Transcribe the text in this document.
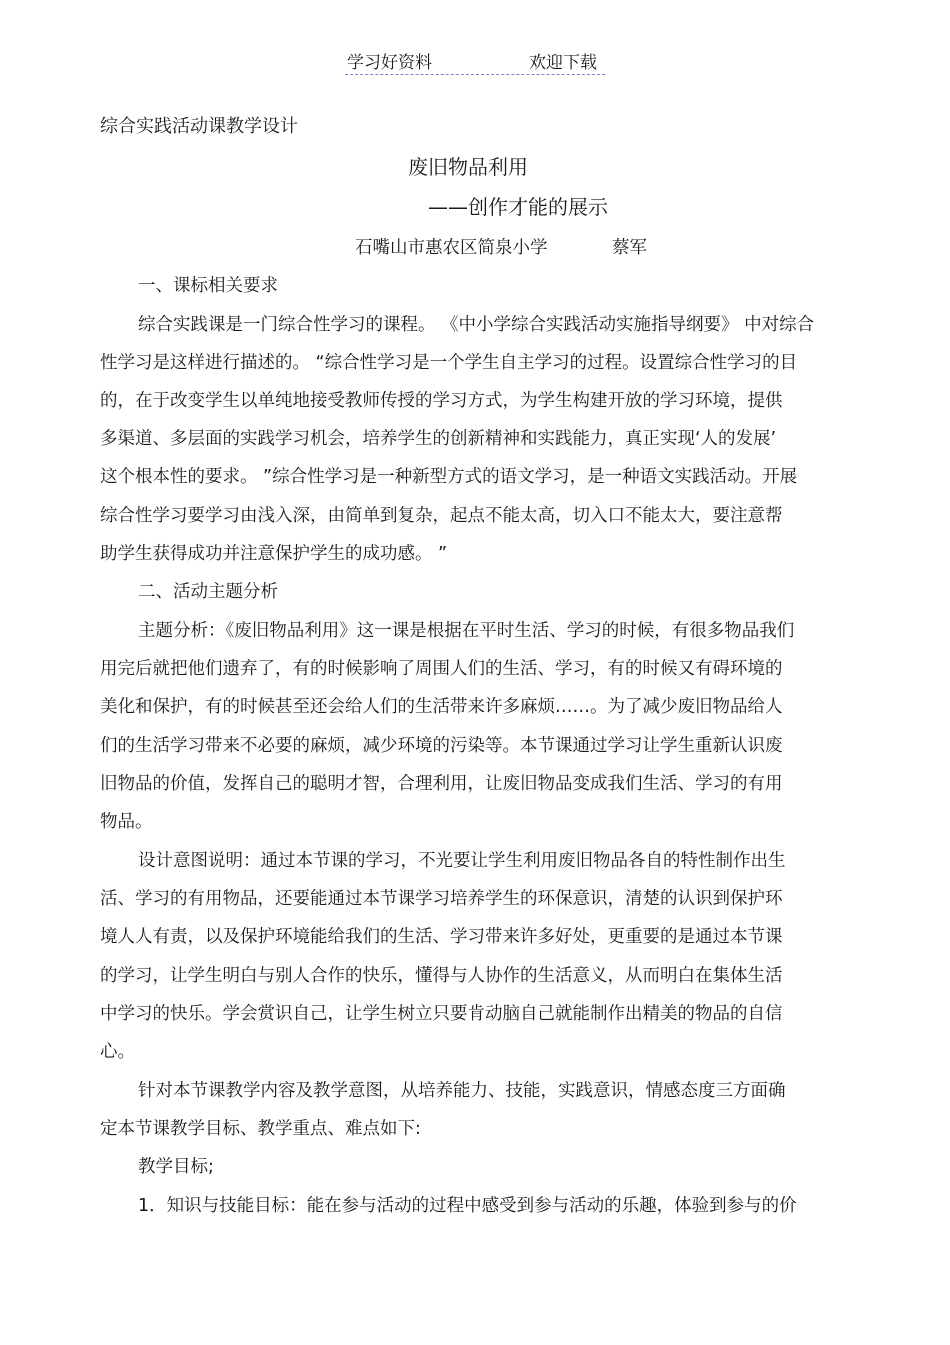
学习好资料	欢迎下载
综合实践活动课教学设计
废旧物品利用
——创作才能的展示
石嘴山市惠农区简泉小学	蔡军
一、课标相关要求
综合实践课是一门综合性学习的课程。 《中小学综合实践活动实施指导纲要》 中对综合
性学习是这样进行描述的。 “综合性学习是一个学生自主学习的过程。设置综合性学习的目
的，在于改变学生以单纯地接受教师传授的学习方式，为学生构建开放的学习环境，提供
多渠道、多层面的实践学习机会，培养学生的创新精神和实践能力，真正实现‘人的发展’
这个根本性的要求。 ”综合性学习是一种新型方式的语文学习，是一种语文实践活动。开展
综合性学习要学习由浅入深，由简单到复杂，起点不能太高，切入口不能太大，要注意帮
助学生获得成功并注意保护学生的成功感。 ”
二、活动主题分析
主题分析：《废旧物品利用》这一课是根据在平时生活、学习的时候，有很多物品我们
用完后就把他们遗弃了，有的时候影响了周围人们的生活、学习，有的时候又有碍环境的
美化和保护，有的时候甚至还会给人们的生活带来许多麻烦……。为了减少废旧物品给人
们的生活学习带来不必要的麻烦，减少环境的污染等。本节课通过学习让学生重新认识废
旧物品的价值，发挥自己的聪明才智，合理利用，让废旧物品变成我们生活、学习的有用
物品。
设计意图说明：通过本节课的学习，不光要让学生利用废旧物品各自的特性制作出生
活、学习的有用物品，还要能通过本节课学习培养学生的环保意识，清楚的认识到保护环
境人人有责，以及保护环境能给我们的生活、学习带来许多好处，更重要的是通过本节课
的学习，让学生明白与别人合作的快乐，懂得与人协作的生活意义，从而明白在集体生活
中学习的快乐。学会赏识自己，让学生树立只要肯动脑自己就能制作出精美的物品的自信
心。
针对本节课教学内容及教学意图，从培养能力、技能，实践意识，情感态度三方面确
定本节课教学目标、教学重点、难点如下:
教学目标;
1．知识与技能目标：能在参与活动的过程中感受到参与活动的乐趣，体验到参与的价
